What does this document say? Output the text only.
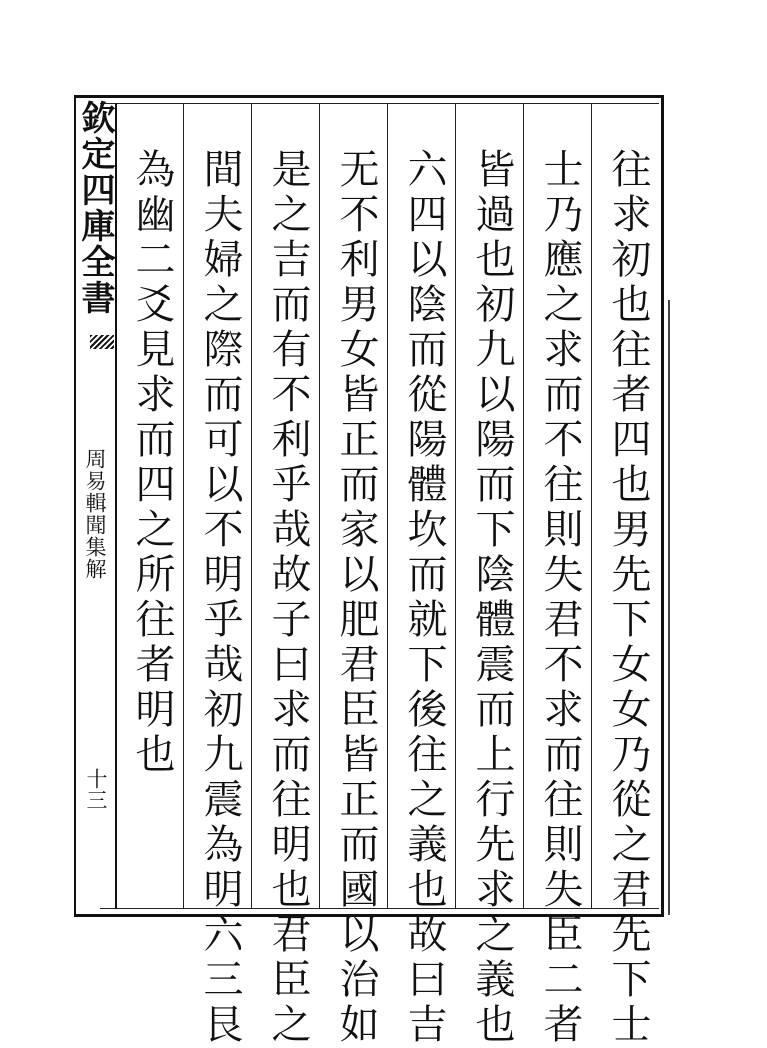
欽定四庫全書
周易輯聞集解
十三	往求初也往者四也男先下女女乃從之君先下士
士乃應之求而不往則失君不求而往則失臣二者
皆過也初九以陽而下陰體震而上行先求之義也
六四以陰而從陽體坎而就下後往之義也故曰吉
无不利男女皆正而家以肥君臣皆正而國以治如
是之吉而有不利乎哉故子曰求而往明也君臣之
間夫婦之際而可以不明乎哉初九震為明六三艮
為幽二爻見求而四之所往者明也
